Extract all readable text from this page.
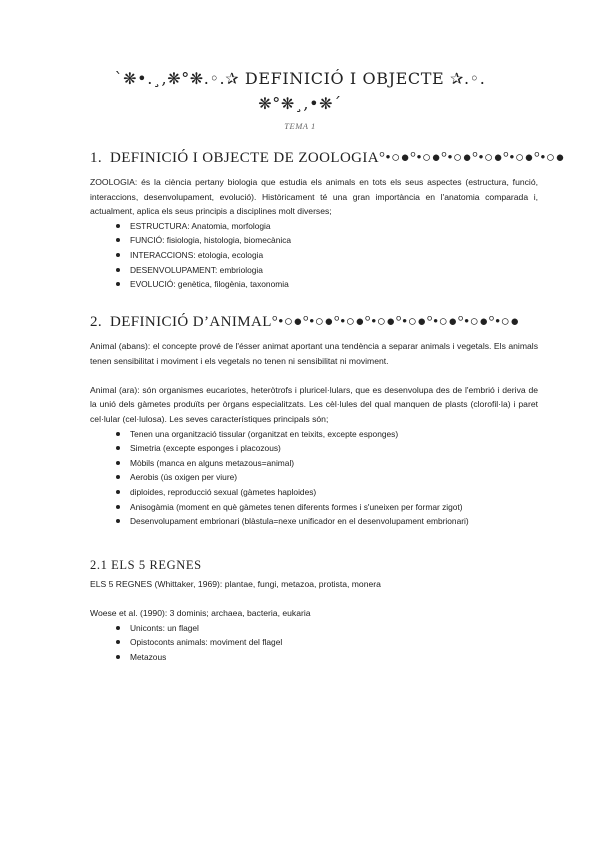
`❋•.¸,❋°❋.◦.✰ DEFINICIÓ I OBJECTE ✰.◦.
❋°❋¸,•❋´
TEMA 1
1. DEFINICIÓ I OBJECTE DE ZOOLOGIA°•○●°•○●°•○●°•○●°•○●°•○●

ZOOLOGIA: és la ciència pertany biologia que estudia els animals en tots els seus aspectes (estructura, funció, interaccions, desenvolupament, evolució). Històricament té una gran importància en l'anatomia comparada i, actualment, aplica els seus principis a disciplines molt diverses;

ESTRUCTURA: Anatomia, morfologia
FUNCIÓ: fisiologia, histologia, biomecànica
INTERACCIONS: etologia, ecologia
DESENVOLUPAMENT: embriologia
EVOLUCIÓ: genètica, filogènia, taxonomia
2. DEFINICIÓ D’ANIMAL°•○●°•○●°•○●°•○●°•○●°•○●°•○●°•○●

Animal (abans): el concepte prové de l'ésser animat aportant una tendència a separar animals i vegetals. Els animals tenen sensibilitat i moviment i els vegetals no tenen ni sensibilitat ni moviment.

Animal (ara): són organismes eucariotes, heteròtrofs i pluricel·lulars, que es desenvolupa des de l'embrió i deriva de la unió dels gàmetes produïts per òrgans especialitzats. Les cèl·lules del qual manquen de plasts (clorofil·la) i paret cel·lular (cel·lulosa). Les seves característiques principals són;

Tenen una organització tissular (organitzat en teixits, excepte esponges)
Simetria (excepte esponges i placozous)
Mòbils (manca en alguns metazous=animal)
Aerobis (ús oxigen per viure)
diploides, reproducció sexual (gàmetes haploides)
Anisogàmia (moment en què gàmetes tenen diferents formes i s'uneixen per formar zigot)
Desenvolupament embrionari (blàstula=nexe unificador en el desenvolupament embrionari)
2.1 ELS 5 REGNES

ELS 5 REGNES (Whittaker, 1969): plantae, fungi, metazoa, protista, monera

Woese et al. (1990): 3 dominis; archaea, bacteria, eukaria

Uniconts: un flagel
Opistoconts animals: moviment del flagel
Metazous
